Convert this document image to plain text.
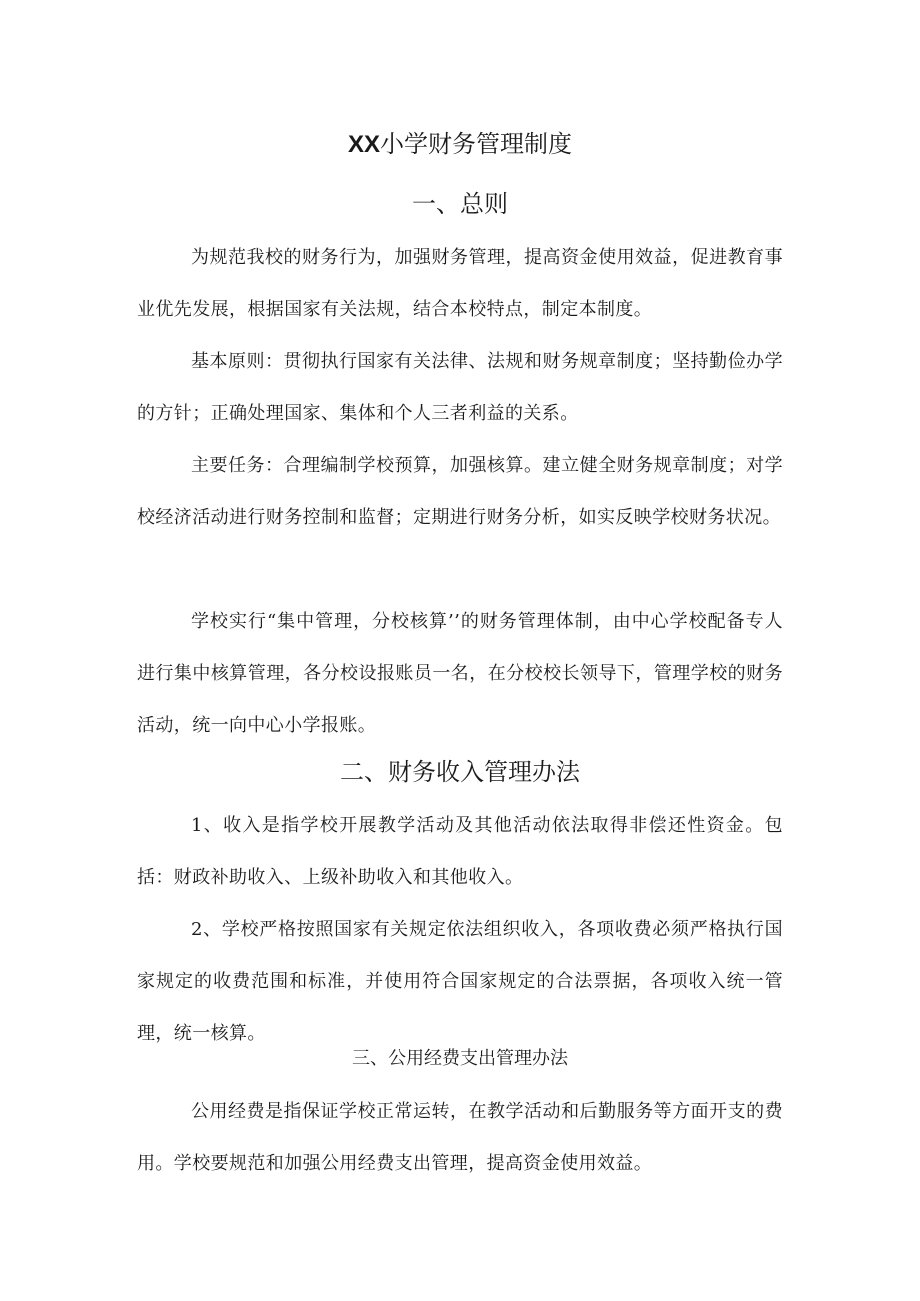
XX小学财务管理制度
一、总则

为规范我校的财务行为，加强财务管理，提高资金使用效益，促进教育事业优先发展，根据国家有关法规，结合本校特点，制定本制度。

基本原则：贯彻执行国家有关法律、法规和财务规章制度；坚持勤俭办学的方针；正确处理国家、集体和个人三者利益的关系。

主要任务：合理编制学校预算，加强核算。建立健全财务规章制度；对学校经济活动进行财务控制和监督；定期进行财务分析，如实反映学校财务状况。

学校实行“集中管理，分校核算’’的财务管理体制，由中心学校配备专人进行集中核算管理，各分校设报账员一名，在分校校长领导下，管理学校的财务活动，统一向中心小学报账。

二、财务收入管理办法

1、收入是指学校开展教学活动及其他活动依法取得非偿还性资金。包括：财政补助收入、上级补助收入和其他收入。

2、学校严格按照国家有关规定依法组织收入，各项收费必须严格执行国家规定的收费范围和标准，并使用符合国家规定的合法票据，各项收入统一管理，统一核算。

三、公用经费支出管理办法

公用经费是指保证学校正常运转，在教学活动和后勤服务等方面开支的费用。学校要规范和加强公用经费支出管理，提高资金使用效益。
